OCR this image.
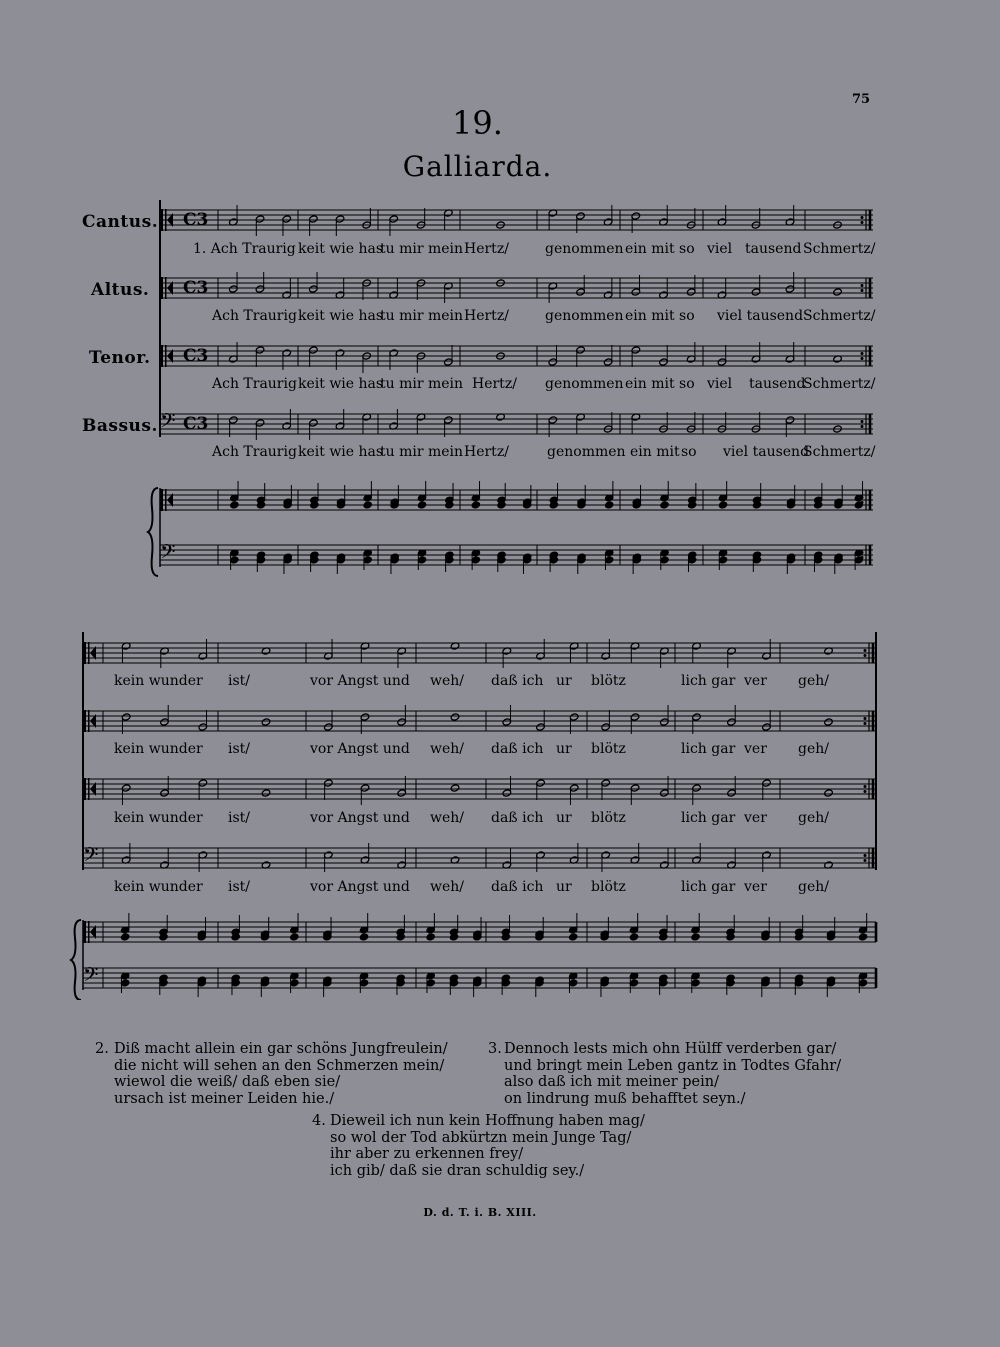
75
19.
Galliarda.
Cantus.
Altus.
Tenor.
Bassus.
C3
C3
C3
𝄢 C3
𝄢
𝄢
𝄢
1. Ach Traurig keit wie has
tu mir mein Hertz/	genommen ein mit so viel tausend Schmertz/
Ach Traurig keit wie has
tu mir mein Hertz/	genommen ein mit so viel tausend Schmertz/
Ach Traurig keit wie has
tu mir mein Hertz/ genommen ein mit so viel tausend
Schmertz/
Ach Traurig keit wie has
tu mir mein Hertz/	genommen ein mit so viel tausend
Schmertz/
kein wunder ist/	vor Angst und weh/ daß ich ur blötz	lich gar ver geh/
kein wunder ist/	vor Angst und weh/ daß ich ur blötz	lich gar ver geh/
kein wunder ist/	vor Angst und weh/ daß ich ur blötz	lich gar ver geh/
kein wunder ist/	vor Angst und weh/ daß ich ur blötz	lich gar ver geh/
2. Diß macht allein ein gar schöns Jungfreulein/
die nicht will sehen an den Schmerzen mein/
wiewol die weiß/ daß eben sie/
ursach ist meiner Leiden hie./
3. Dennoch lests mich ohn Hülff verderben gar/
und bringt mein Leben gantz in Todtes Gfahr/
also daß ich mit meiner pein/
on lindrung muß behafftet seyn./
4. Dieweil ich nun kein Hoffnung haben mag/
so wol der Tod abkürtzn mein Junge Tag/
ihr aber zu erkennen frey/
ich gib/ daß sie dran schuldig sey./
D. d. T. i. B. XIII.
